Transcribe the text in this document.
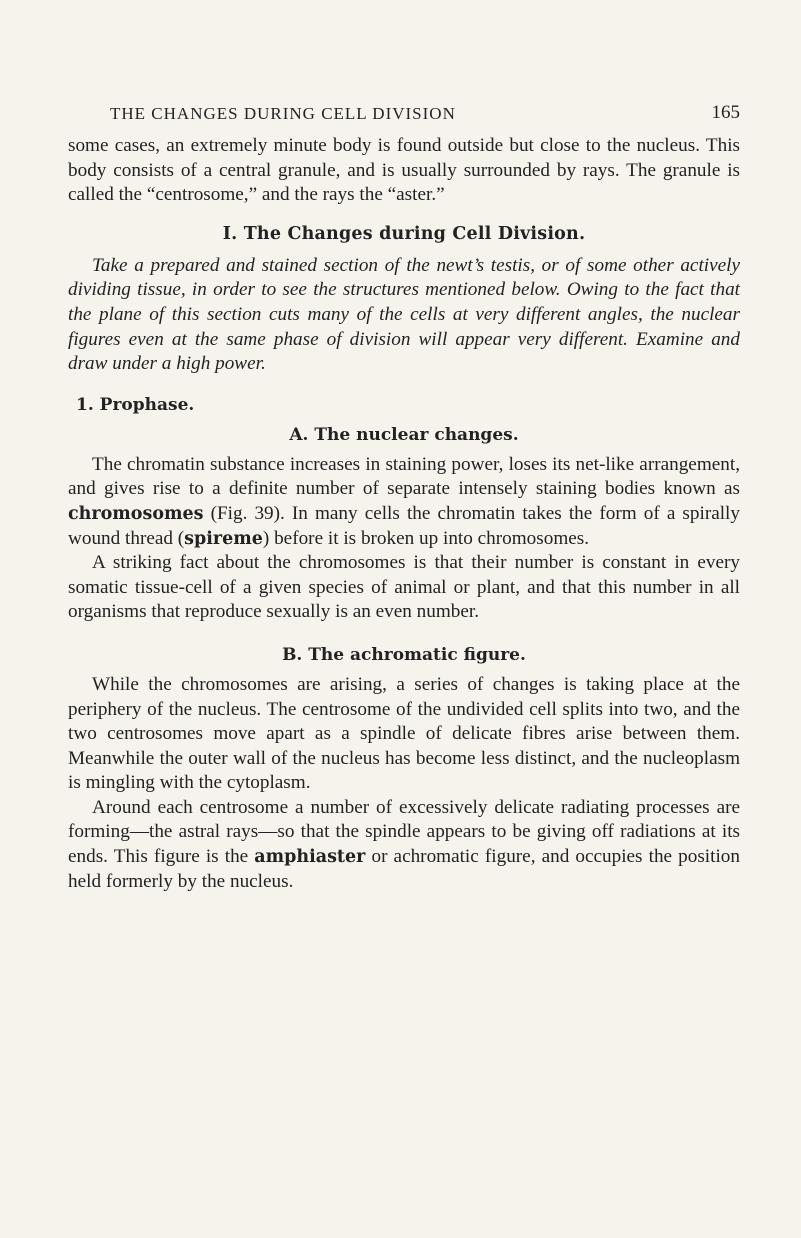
THE CHANGES DURING CELL DIVISION	165

some cases, an extremely minute body is found outside but close to the nucleus. This body consists of a central granule, and is usually surrounded by rays. The granule is called the “centrosome,” and the rays the “aster.”

I. The Changes during Cell Division.

Take a prepared and stained section of the newt’s testis, or of some other actively dividing tissue, in order to see the structures mentioned below. Owing to the fact that the plane of this section cuts many of the cells at very different angles, the nuclear figures even at the same phase of division will appear very different. Examine and draw under a high power.

1. Prophase.
A. The nuclear changes.

The chromatin substance increases in staining power, loses its net-like arrangement, and gives rise to a definite number of separate intensely staining bodies known as chromosomes (Fig. 39). In many cells the chromatin takes the form of a spirally wound thread (spireme) before it is broken up into chromosomes.

A striking fact about the chromosomes is that their number is constant in every somatic tissue-cell of a given species of animal or plant, and that this number in all organisms that reproduce sexually is an even number.

B. The achromatic figure.

While the chromosomes are arising, a series of changes is taking place at the periphery of the nucleus. The centrosome of the undivided cell splits into two, and the two centrosomes move apart as a spindle of delicate fibres arise between them. Meanwhile the outer wall of the nucleus has become less distinct, and the nucleoplasm is mingling with the cytoplasm.

Around each centrosome a number of excessively delicate radiating processes are forming—the astral rays—so that the spindle appears to be giving off radiations at its ends. This figure is the amphiaster or achromatic figure, and occupies the position held formerly by the nucleus.
